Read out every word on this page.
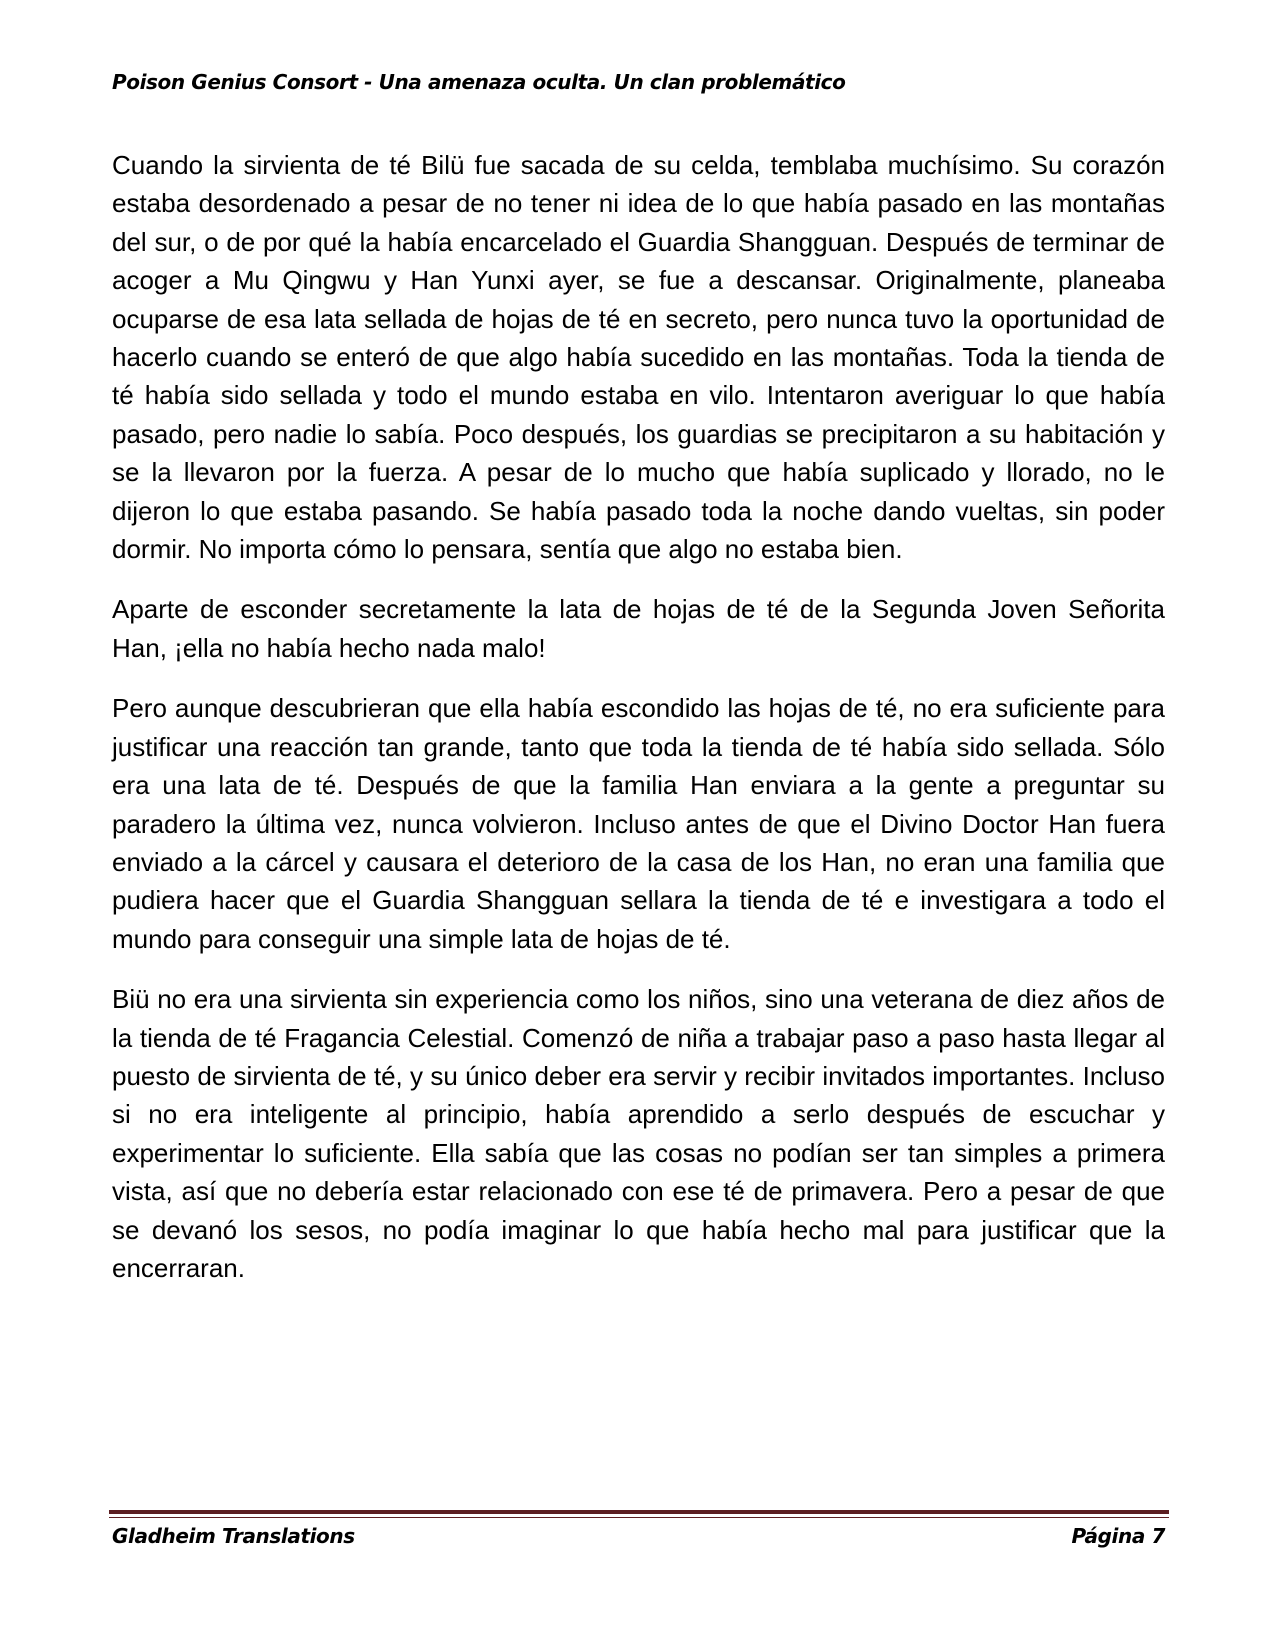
Poison Genius Consort - Una amenaza oculta. Un clan problemático

Cuando la sirvienta de té Bilü fue sacada de su celda, temblaba muchísimo. Su corazón estaba desordenado a pesar de no tener ni idea de lo que había pasado en las montañas del sur, o de por qué la había encarcelado el Guardia Shangguan. Después de terminar de acoger a Mu Qingwu y Han Yunxi ayer, se fue a descansar. Originalmente, planeaba ocuparse de esa lata sellada de hojas de té en secreto, pero nunca tuvo la oportunidad de hacerlo cuando se enteró de que algo había sucedido en las montañas. Toda la tienda de té había sido sellada y todo el mundo estaba en vilo. Intentaron averiguar lo que había pasado, pero nadie lo sabía. Poco después, los guardias se precipitaron a su habitación y se la llevaron por la fuerza. A pesar de lo mucho que había suplicado y llorado, no le dijeron lo que estaba pasando. Se había pasado toda la noche dando vueltas, sin poder dormir. No importa cómo lo pensara, sentía que algo no estaba bien.

Aparte de esconder secretamente la lata de hojas de té de la Segunda Joven Señorita Han, ¡ella no había hecho nada malo!

Pero aunque descubrieran que ella había escondido las hojas de té, no era suficiente para justificar una reacción tan grande, tanto que toda la tienda de té había sido sellada. Sólo era una lata de té. Después de que la familia Han enviara a la gente a preguntar su paradero la última vez, nunca volvieron. Incluso antes de que el Divino Doctor Han fuera enviado a la cárcel y causara el deterioro de la casa de los Han, no eran una familia que pudiera hacer que el Guardia Shangguan sellara la tienda de té e investigara a todo el mundo para conseguir una simple lata de hojas de té.

Biü no era una sirvienta sin experiencia como los niños, sino una veterana de diez años de la tienda de té Fragancia Celestial. Comenzó de niña a trabajar paso a paso hasta llegar al puesto de sirvienta de té, y su único deber era servir y recibir invitados importantes. Incluso si no era inteligente al principio, había aprendido a serlo después de escuchar y experimentar lo suficiente. Ella sabía que las cosas no podían ser tan simples a primera vista, así que no debería estar relacionado con ese té de primavera. Pero a pesar de que se devanó los sesos, no podía imaginar lo que había hecho mal para justificar que la encerraran.

Gladheim Translations	Página 7
